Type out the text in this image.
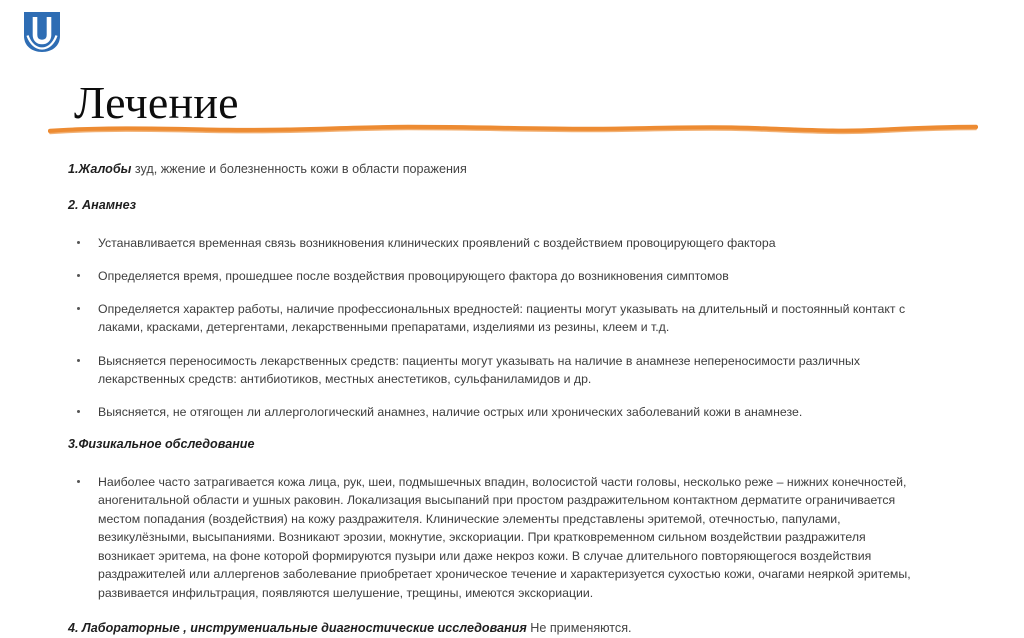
Лечение

1.Жалобы зуд, жжение и болезненность кожи в области поражения

2. Анамнез

Устанавливается временная связь возникновения клинических проявлений с воздействием провоцирующего фактора
Определяется время, прошедшее после воздействия провоцирующего фактора до возникновения симптомов
Определяется характер работы, наличие профессиональных вредностей: пациенты могут указывать на длительный и постоянный контакт с лаками, красками, детергентами, лекарственными препаратами, изделиями из резины, клеем и т.д.
Выясняется переносимость лекарственных средств: пациенты могут указывать на наличие в анамнезе непереносимости различных лекарственных средств: антибиотиков, местных анестетиков, сульфаниламидов и др.
Выясняется, не отягощен ли аллергологический анамнез, наличие острых или хронических заболеваний кожи в анамнезе.

3.Физикальное обследование

Наиболее часто затрагивается кожа лица, рук, шеи, подмышечных впадин, волосистой части головы, несколько реже – нижних конечностей, аногенитальной области и ушных раковин. Локализация высыпаний при простом раздражительном контактном дерматите ограничивается местом попадания (воздействия) на кожу раздражителя. Клинические элементы представлены эритемой, отечностью, папулами, везикулёзными, высыпаниями. Возникают эрозии, мокнутие, экскориации. При кратковременном сильном воздействии раздражителя возникает эритема, на фоне которой формируются пузыри или даже некроз кожи. В случае длительного повторяющегося воздействия раздражителей или аллергенов заболевание приобретает хроническое течение и характеризуется сухостью кожи, очагами неяркой эритемы, развивается инфильтрация, появляются шелушение, трещины, имеются экскориации.

4. Лабораторные , инструмениальные диагностические исследования Не применяются.
